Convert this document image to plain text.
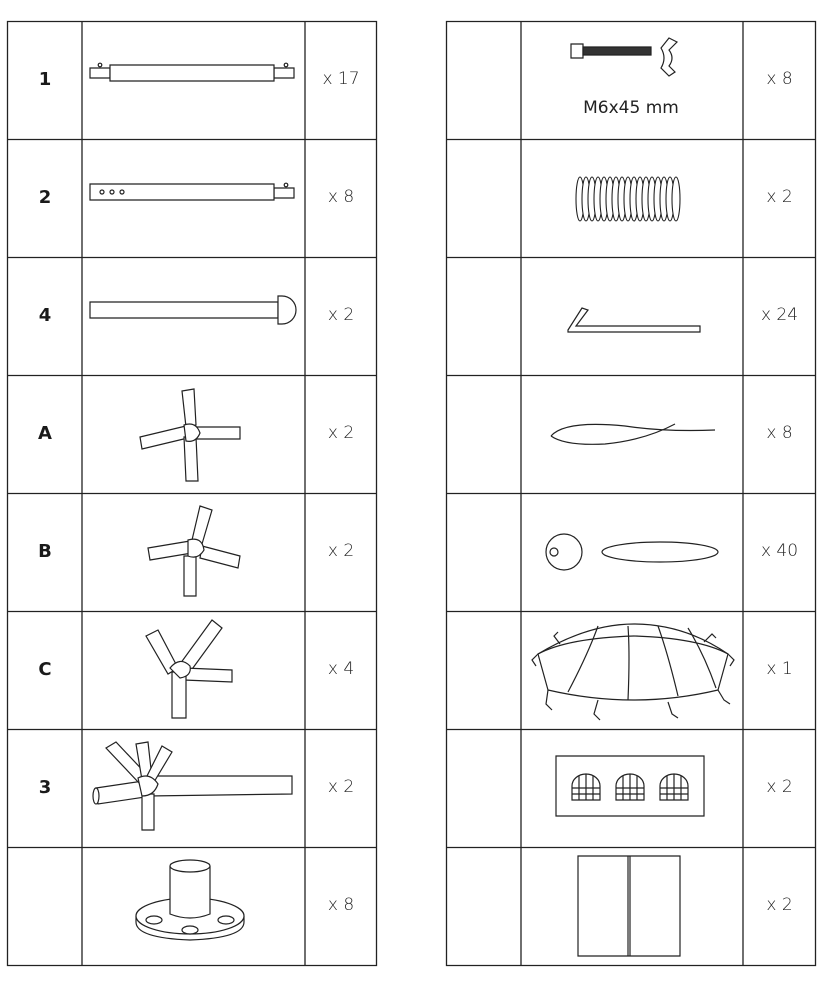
1
2
4
A
B
C
3
x 17
x 8
x 2
x 2
x 2
x 4
x 2
x 8
M6x45 mm
x 8
x 2
x 24
x 8
x 40
x 1
x 2
x 2
